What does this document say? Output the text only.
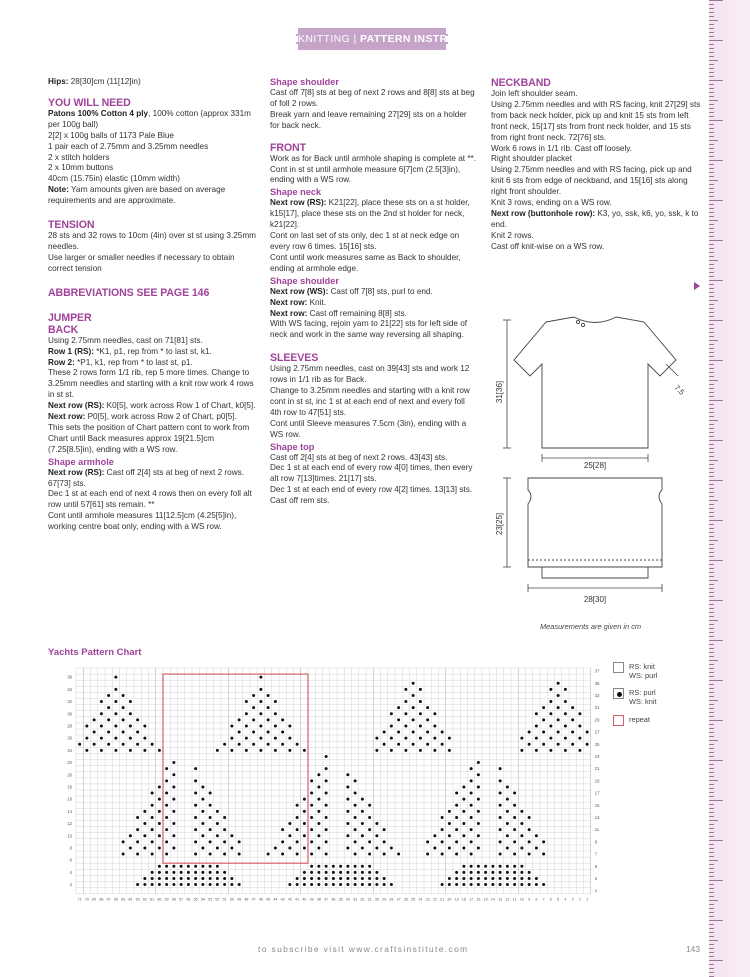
KNITTING | PATTERN INSTRUCTIONS

Hips: 28[30]cm (11[12]in)

YOU WILL NEED

Patons 100% Cotton 4 ply, 100% cotton (approx 331m per 100g ball)

2[2] x 100g balls of 1173 Pale Blue

1 pair each of 2.75mm and 3.25mm needles

2 x stitch holders

2 x 10mm buttons

40cm (15.75in) elastic (10mm width)

Note: Yarn amounts given are based on average requirements and are approximate.

TENSION

28 sts and 32 rows to 10cm (4in) over st st using 3.25mm needles.

Use larger or smaller needles if necessary to obtain correct tension

ABBREVIATIONS SEE PAGE 146

JUMPER

BACK

Using 2.75mm needles, cast on 71[81] sts.

Row 1 (RS): *K1, p1, rep from * to last st, k1.

Row 2: *P1, k1, rep from * to last st, p1.

These 2 rows form 1/1 rib, rep 5 more times. Change to 3.25mm needles and starting with a knit row work 4 rows in st st.

Next row (RS): K0[5], work across Row 1 of Chart, k0[5].

Next row: P0[5], work across Row 2 of Chart, p0[5].

This sets the position of Chart pattern cont to work from Chart until Back measures approx 19[21.5]cm (7.25[8.5]in), ending with a WS row.

Shape armhole

Next row (RS): Cast off 2[4] sts at beg of next 2 rows. 67[73] sts.

Dec 1 st at each end of next 4 rows then on every foll alt row until 57[61] sts remain. **

Cont until armhole measures 11[12.5]cm (4.25[5]in), working centre boat only, ending with a WS row.

Shape shoulder

Cast off 7[8] sts at beg of next 2 rows and 8[8] sts at beg of foll 2 rows.

Break yarn and leave remaining 27[29] sts on a holder for back neck.

FRONT

Work as for Back until armhole shaping is complete at **.

Cont in st st until armhole measure 6[7]cm (2.5[3]in), ending with a WS row.

Shape neck

Next row (RS): K21[22], place these sts on a st holder, k15[17], place these sts on the 2nd st holder for neck, k21[22].

Cont on last set of sts only, dec 1 st at neck edge on every row 6 times. 15[16] sts.

Cont until work measures same as Back to shoulder, ending at armhole edge.

Shape shoulder

Next row (WS): Cast off 7[8] sts, purl to end.

Next row: Knit.

Next row: Cast off remaining 8[8] sts.

With WS facing, rejoin yarn to 21[22] sts for left side of neck and work in the same way reversing all shaping.

SLEEVES

Using 2.75mm needles, cast on 39[43] sts and work 12 rows in 1/1 rib as for Back.

Change to 3.25mm needles and starting with a knit row cont in st st, inc 1 st at each end of next and every foll 4th row to 47[51] sts.

Cont until Sleeve measures 7.5cm (3in), ending with a WS row.

Shape top

Cast off 2[4] sts at beg of next 2 rows. 43[43] sts.

Dec 1 st at each end of every row 4[0] times, then every alt row 7[13]times. 21[17] sts.

Dec 1 st at each end of every row 4[2] times. 13[13] sts.

Cast off rem sts.

NECKBAND

Join left shoulder seam.

Using 2.75mm needles and with RS facing, knit 27[29] sts from back neck holder, pick up and knit 15 sts from left front neck, 15[17] sts from front neck holder, and 15 sts from right front neck. 72[76] sts.

Work 6 rows in 1/1 rib. Cast off loosely.

Right shoulder placket

Using 2.75mm needles and with RS facing, pick up and knit 6 sts from edge of neckband, and 15[16] sts along right front shoulder.

Knit 3 rows, ending on a WS row.

Next row (buttonhole row): K3, yo, ssk, k6, yo, ssk, k to end.

Knit 2 rows.

Cast off knit-wise on a WS row.

31[36]
25[28]
7.5
23[25]
28[30]
Measurements are given in cm
Yachts Pattern Chart
71 70 69 68 67 66 65 64 63 62 61 60 59 58 57 56 55 54 53 52 51 50 49 48 47 46 45 44 43 42 41 40 39 38 37 36 35 34 33 32 31 30 29 28 27 26 25 24 23 22 21 20 19 18 17 16 15 14 13 12 11 10 9 8 7 6 5 4 3 2 1
36
34
32
30
28
26
24
22
20
18
16
14
12
10
8
6
4
2
37
35
33
31
29
27
25
23
21
19
17
15
13
11
9
7
5
3
1
RS: knit
WS: purl
RS: purl
WS: knit
repeat
to subscribe visit www.craftsinstitute.com	143
